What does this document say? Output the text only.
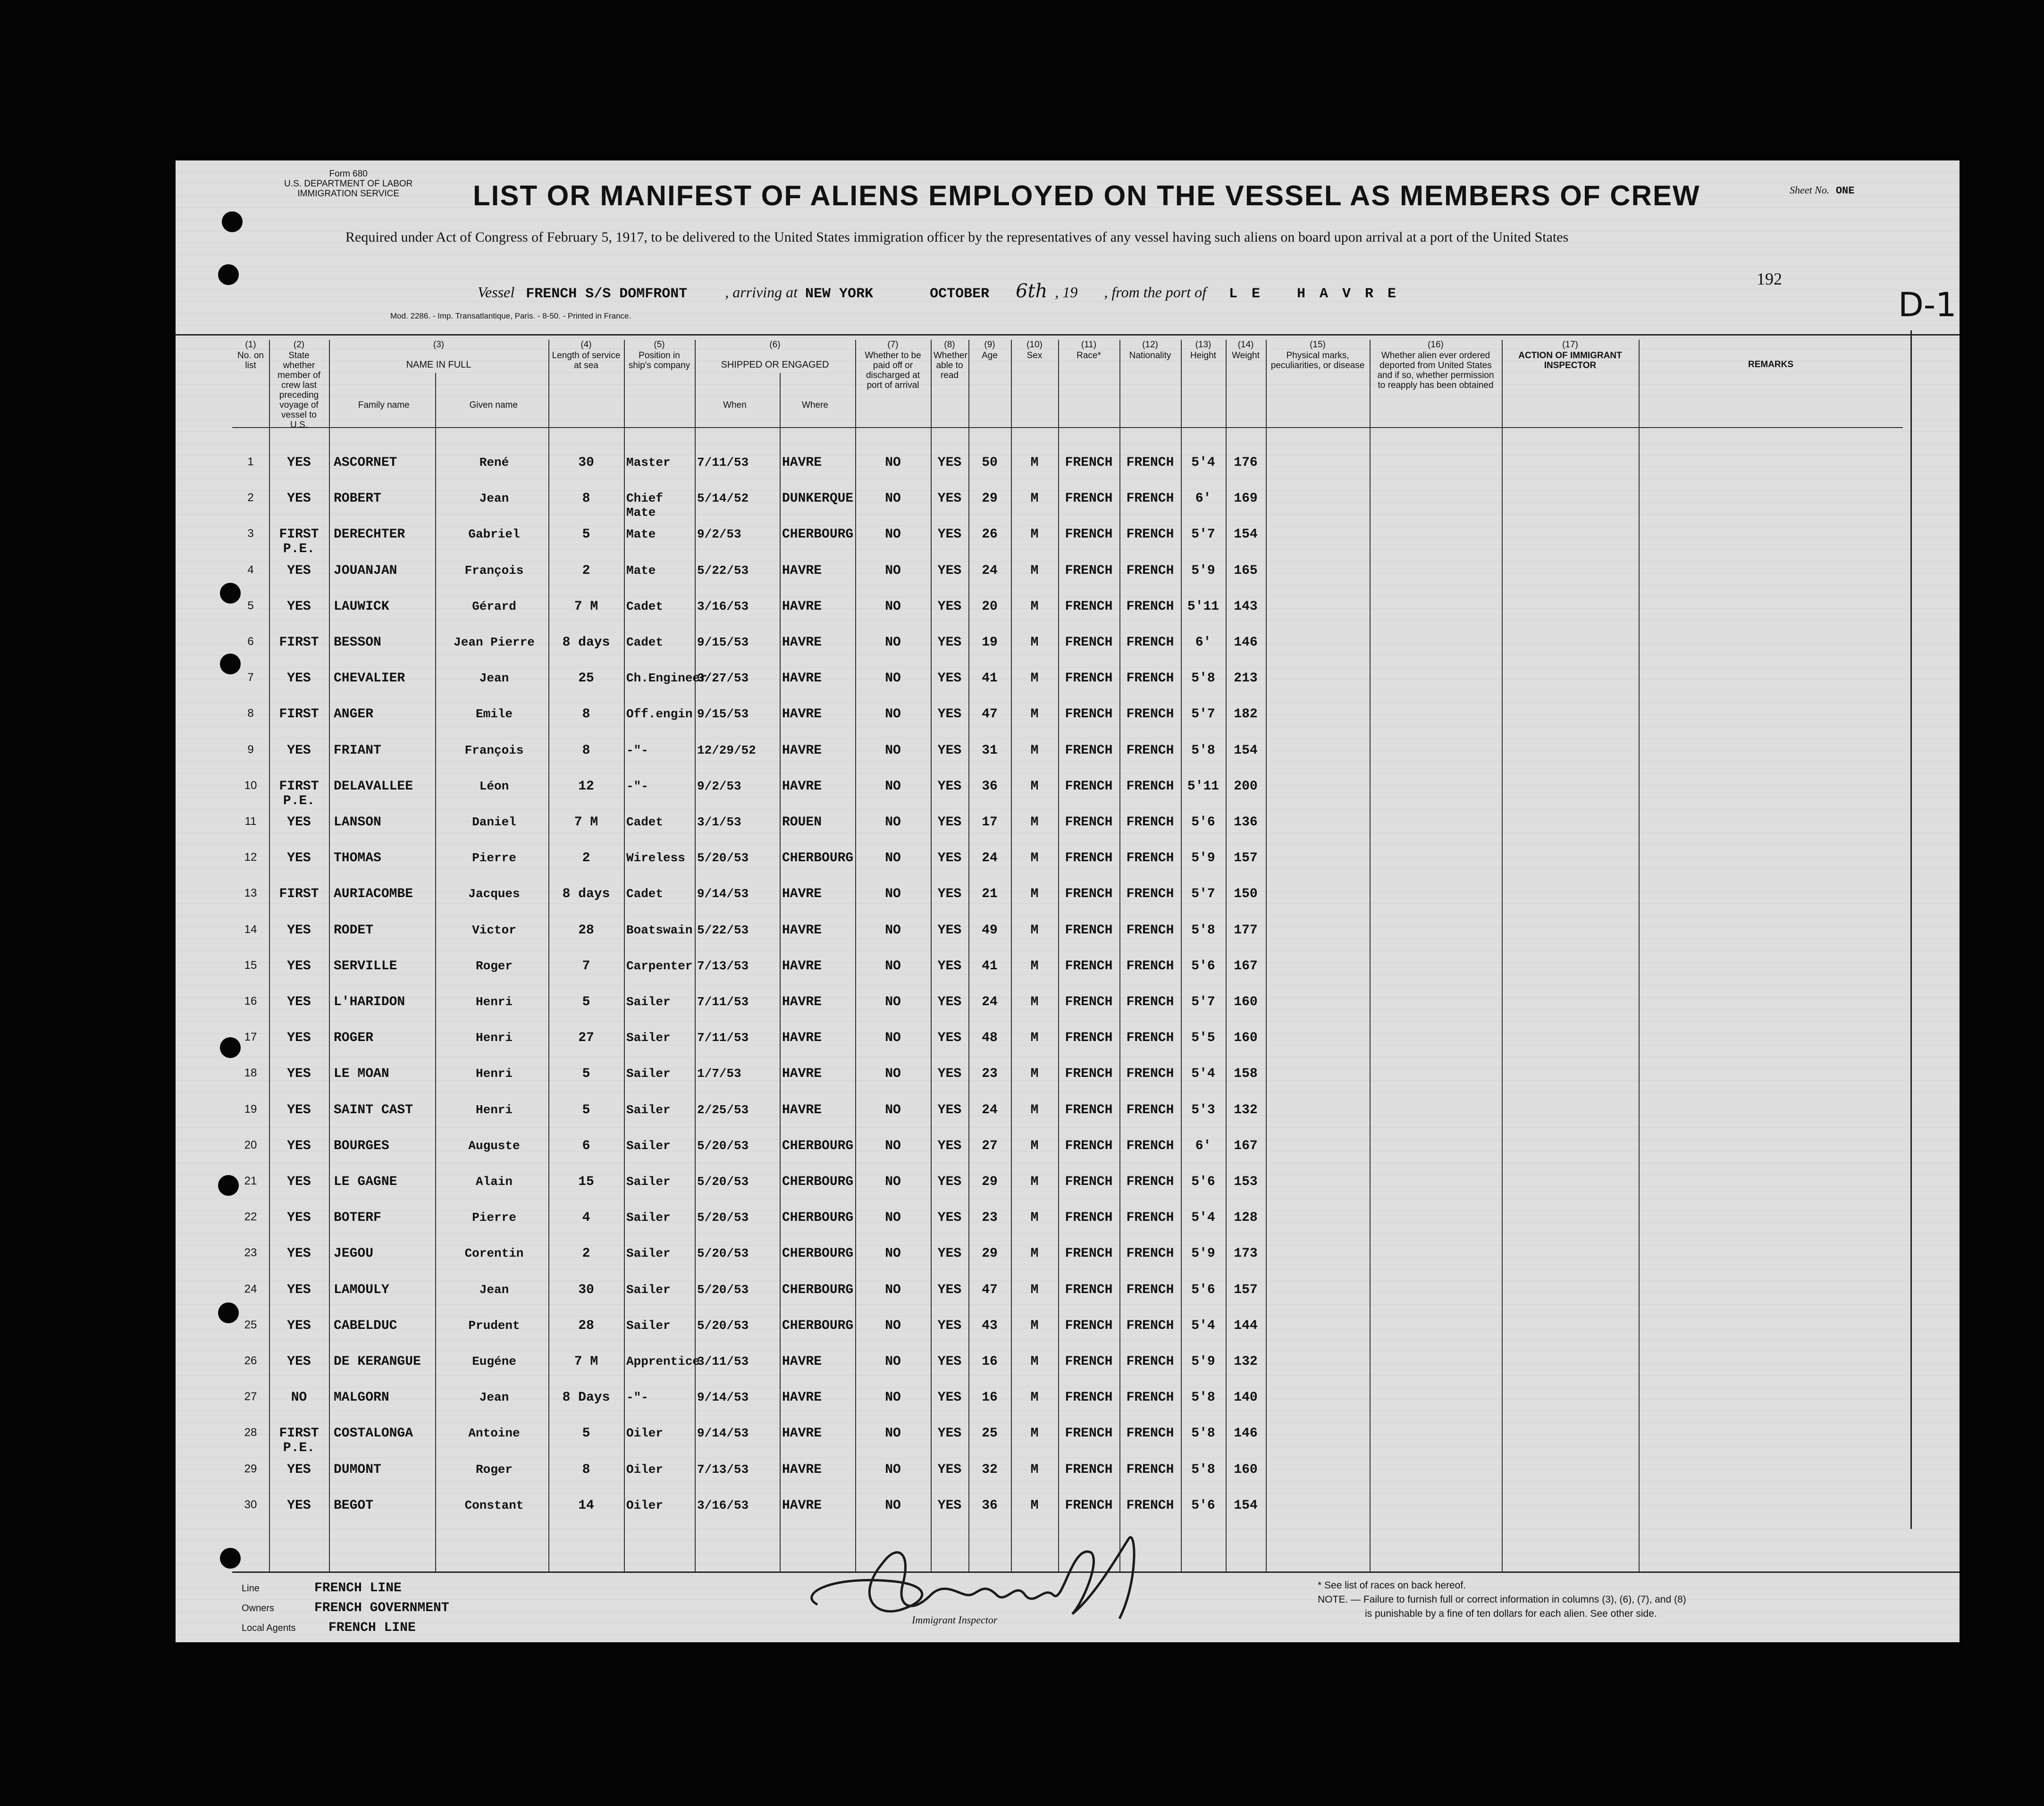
Form 680
U.S. DEPARTMENT OF LABOR
IMMIGRATION SERVICE	LIST OR MANIFEST OF ALIENS EMPLOYED ON THE VESSEL AS MEMBERS OF CREW	Sheet No. ONE
Required under Act of Congress of February 5, 1917, to be delivered to the United States immigration officer by the representatives of any vessel having such aliens on board upon arrival at a port of the United States
Vessel FRENCH S/S DOMFRONT	, arriving at NEW YORK	OCTOBER 6th , 19 , from the port of LE HAVRE
192
Mod. 2286. - Imp. Transatlantique, Paris. - 8-50. - Printed in France.
(1)
No. on list
(2)
State whether member of crew last preceding voyage of vessel to U.S.
(3)
NAME IN FULL
Family name	Given name
(4)
Length of service at sea
(5)
Position in ship's company
(6)
SHIPPED OR ENGAGED
When	Where
(7)
Whether to be paid off or discharged at port of arrival
(8)
Whether able to read
(9)
Age
(10)
Sex
(11)
Race*
(12)
Nationality
(13)
Height
(14)
Weight
(15)
Physical marks, peculiarities, or disease
(16)
Whether alien ever ordered deported from United States and if so, whether permission to reapply has been obtained
(17)
ACTION OF IMMIGRANT INSPECTOR	REMARKS
1	YES	ASCORNET	René	30	Master	7/11/53	HAVRE	NO	YES	50	M	FRENCH	FRENCH	5'4	176
2	YES	ROBERT	Jean	8	Chief Mate
5/14/52	DUNKERQUE	NO	YES	29	M	FRENCH	FRENCH	6'	169
3	FIRST P.E.
DERECHTER	Gabriel	5	Mate	9/2/53	CHERBOURG	NO	YES	26	M	FRENCH	FRENCH	5'7	154
4	YES	JOUANJAN	François	2	Mate	5/22/53	HAVRE	NO	YES	24	M	FRENCH	FRENCH	5'9	165
5	YES	LAUWICK	Gérard	7 M	Cadet	3/16/53	HAVRE	NO	YES	20	M	FRENCH	FRENCH	5'11	143
6	FIRST	BESSON	Jean Pierre	8 days	Cadet	9/15/53	HAVRE	NO	YES	19	M	FRENCH	FRENCH	6'	146
7	YES	CHEVALIER	Jean	25	Ch.Engineer
3/27/53	HAVRE	NO	YES	41	M	FRENCH	FRENCH	5'8	213
8	FIRST	ANGER	Emile	8	Off.engin 9/15/53	HAVRE	NO	YES	47	M	FRENCH	FRENCH	5'7	182
9	YES	FRIANT	François	8	-"-	12/29/52	HAVRE	NO	YES	31	M	FRENCH	FRENCH	5'8	154
10	FIRST P.E.
DELAVALLEE	Léon	12	-"-	9/2/53	HAVRE	NO	YES	36	M	FRENCH	FRENCH	5'11	200
11	YES	LANSON	Daniel	7 M	Cadet	3/1/53	ROUEN	NO	YES	17	M	FRENCH	FRENCH	5'6	136
12	YES	THOMAS	Pierre	2	Wireless 5/20/53	CHERBOURG	NO	YES	24	M	FRENCH	FRENCH	5'9	157
13	FIRST	AURIACOMBE	Jacques	8 days	Cadet	9/14/53	HAVRE	NO	YES	21	M	FRENCH	FRENCH	5'7	150
14	YES	RODET	Victor	28	Boatswain 5/22/53	HAVRE	NO	YES	49	M	FRENCH	FRENCH	5'8	177
15	YES	SERVILLE	Roger	7	Carpenter 7/13/53	HAVRE	NO	YES	41	M	FRENCH	FRENCH	5'6	167
16	YES	L'HARIDON	Henri	5	Sailer	7/11/53	HAVRE	NO	YES	24	M	FRENCH	FRENCH	5'7	160
17	YES	ROGER	Henri	27	Sailer	7/11/53	HAVRE	NO	YES	48	M	FRENCH	FRENCH	5'5	160
18	YES	LE MOAN	Henri	5	Sailer	1/7/53	HAVRE	NO	YES	23	M	FRENCH	FRENCH	5'4	158
19	YES	SAINT CAST	Henri	5	Sailer	2/25/53	HAVRE	NO	YES	24	M	FRENCH	FRENCH	5'3	132
20	YES	BOURGES	Auguste	6	Sailer	5/20/53	CHERBOURG	NO	YES	27	M	FRENCH	FRENCH	6'	167
21	YES	LE GAGNE	Alain	15	Sailer	5/20/53	CHERBOURG	NO	YES	29	M	FRENCH	FRENCH	5'6	153
22	YES	BOTERF	Pierre	4	Sailer	5/20/53	CHERBOURG	NO	YES	23	M	FRENCH	FRENCH	5'4	128
23	YES	JEGOU	Corentin	2	Sailer	5/20/53	CHERBOURG	NO	YES	29	M	FRENCH	FRENCH	5'9	173
24	YES	LAMOULY	Jean	30	Sailer	5/20/53	CHERBOURG	NO	YES	47	M	FRENCH	FRENCH	5'6	157
25	YES	CABELDUC	Prudent	28	Sailer	5/20/53	CHERBOURG	NO	YES	43	M	FRENCH	FRENCH	5'4	144
26	YES	DE KERANGUE	Eugéne	7 M	Apprentice
3/11/53	HAVRE	NO	YES	16	M	FRENCH	FRENCH	5'9	132
27	NO	MALGORN	Jean	8 Days	-"-	9/14/53	HAVRE	NO	YES	16	M	FRENCH	FRENCH	5'8	140
28	FIRST P.E.
COSTALONGA	Antoine	5	Oiler	9/14/53	HAVRE	NO	YES	25	M	FRENCH	FRENCH	5'8	146
29	YES	DUMONT	Roger	8	Oiler	7/13/53	HAVRE	NO	YES	32	M	FRENCH	FRENCH	5'8	160
30	YES	BEGOT	Constant	14	Oiler	3/16/53	HAVRE	NO	YES	36	M	FRENCH	FRENCH	5'6	154
D-1
Line	FRENCH LINE
Owners	FRENCH GOVERNMENT
Local Agents FRENCH LINE
Immigrant Inspector
* See list of races on back hereof.
NOTE. — Failure to furnish full or correct information in columns (3), (6), (7), and (8)
is punishable by a fine of ten dollars for each alien. See other side.
